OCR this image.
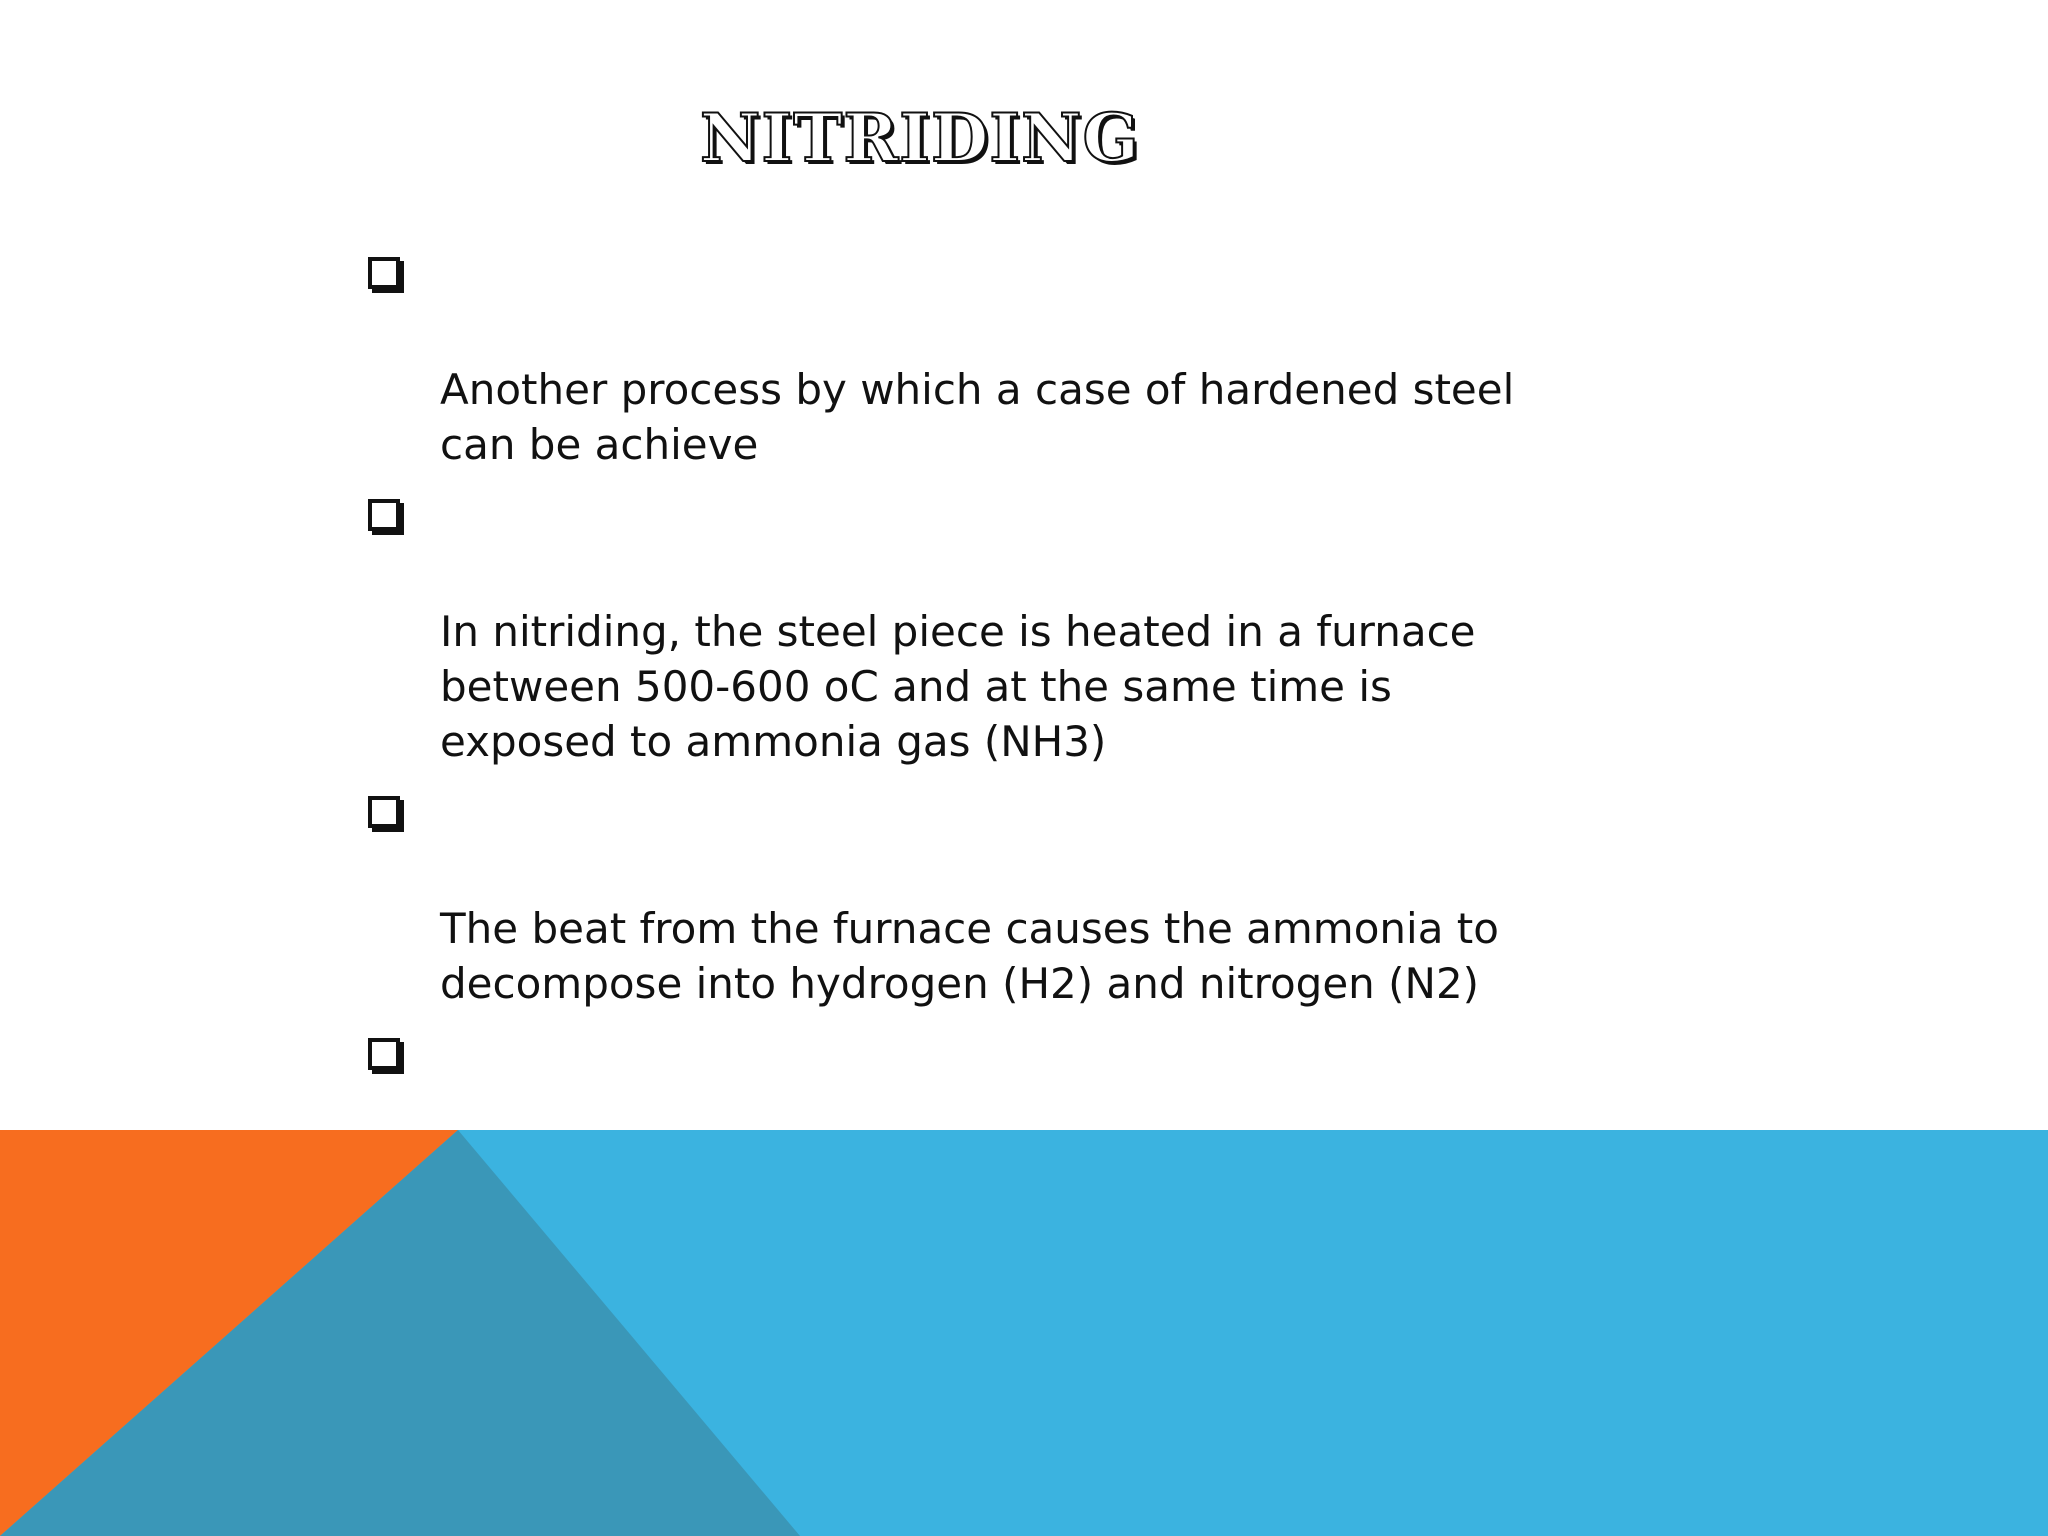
NITRIDING

Another process by which a case of hardened steel
can be achieve

In nitriding, the steel piece is heated in a furnace
between 500-600 oC and at the same time is
exposed to ammonia gas (NH3)

The beat from the furnace causes the ammonia to
decompose into hydrogen (H2) and nitrogen (N2)
